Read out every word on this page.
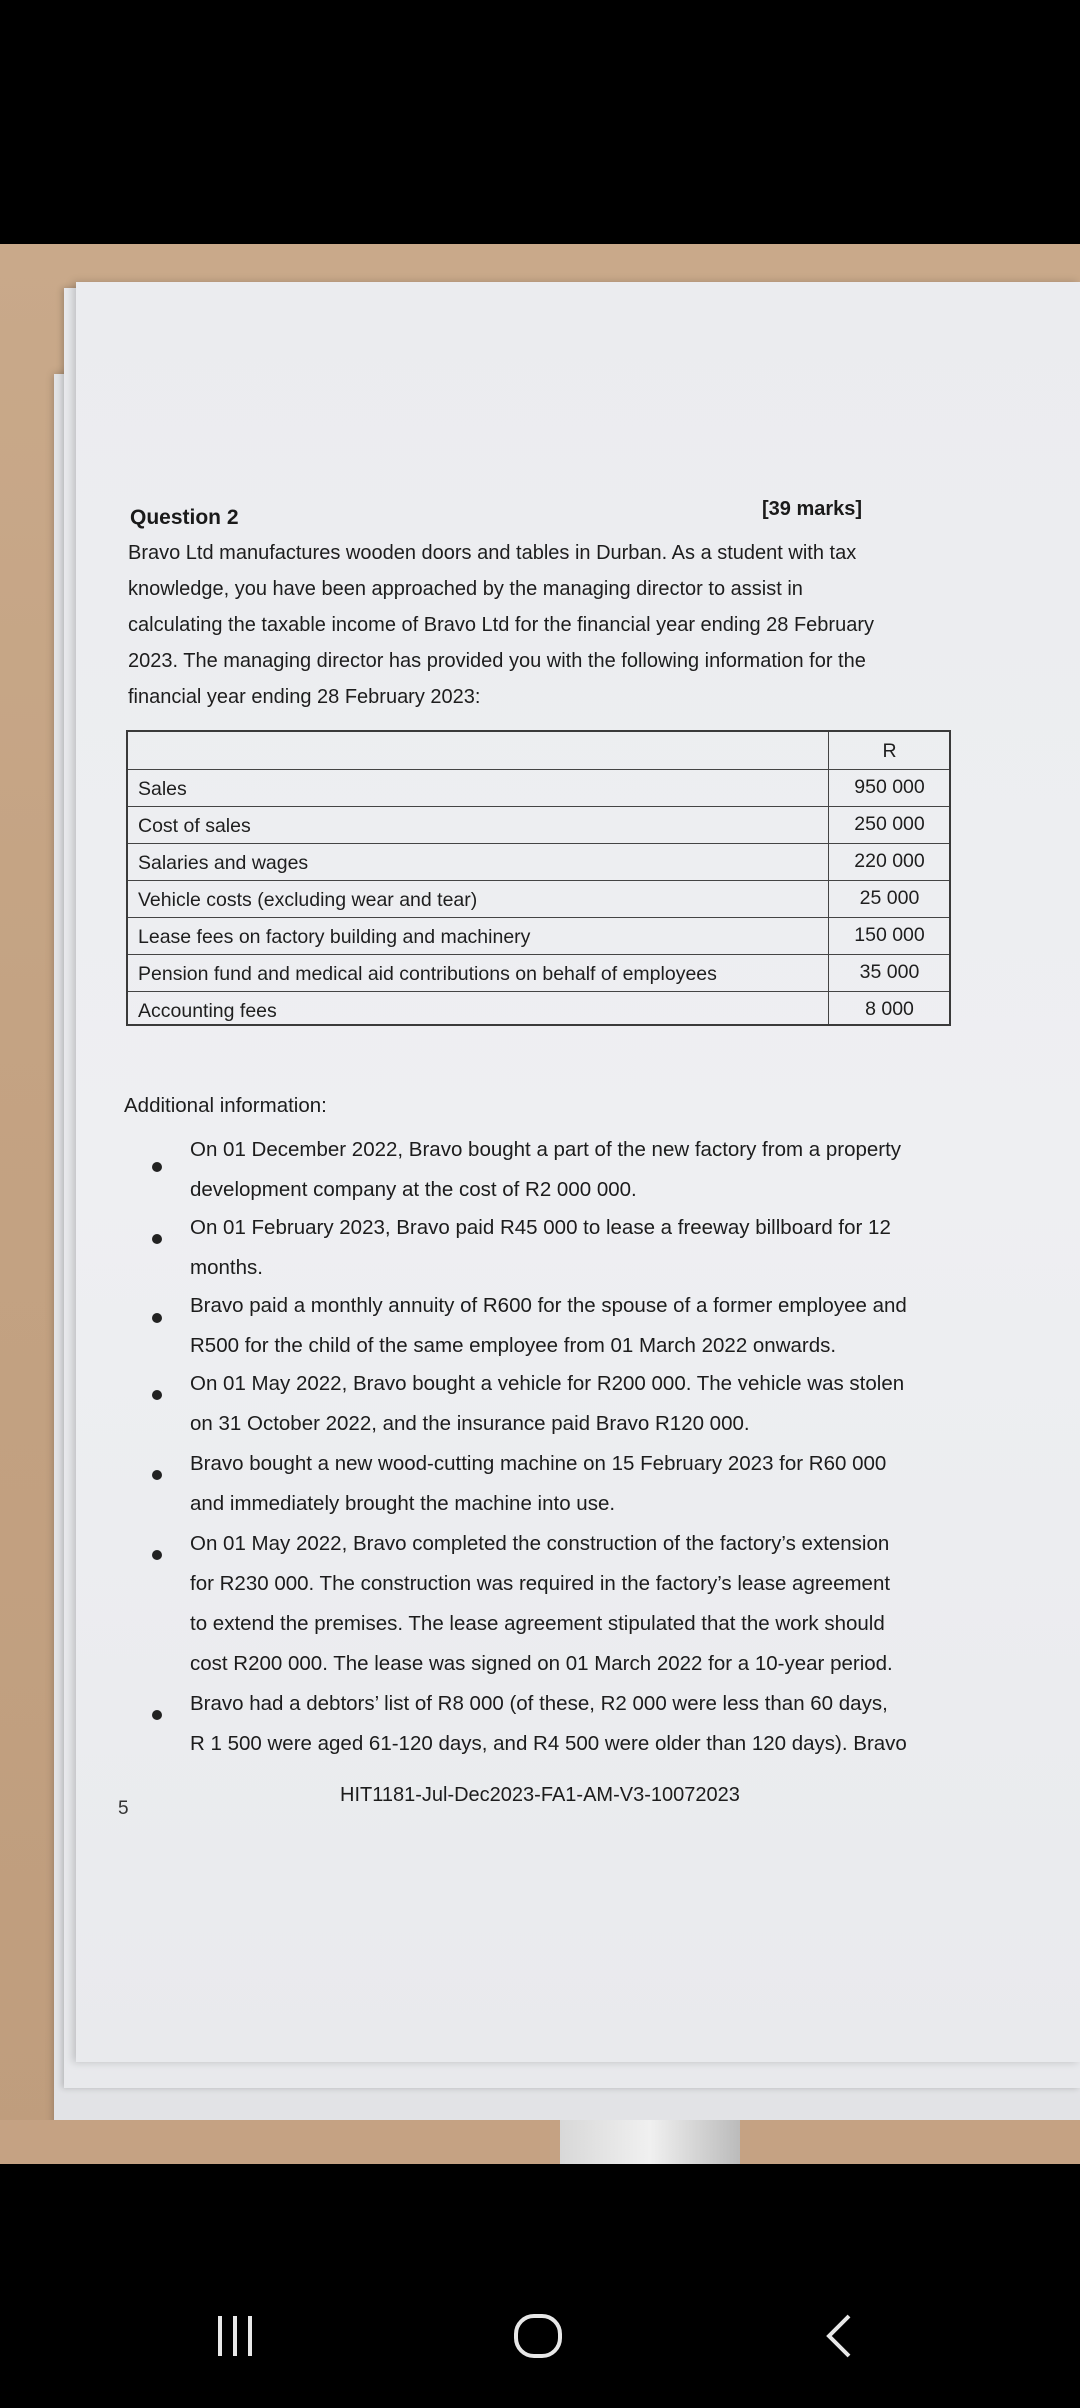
Question 2	[39 marks]
Bravo Ltd manufactures wooden doors and tables in Durban. As a student with tax
knowledge, you have been approached by the managing director to assist in
calculating the taxable income of Bravo Ltd for the financial year ending 28 February
2023. The managing director has provided you with the following information for the
financial year ending 28 February 2023:
R
Sales	950 000
Cost of sales	250 000
Salaries and wages	220 000
Vehicle costs (excluding wear and tear)	25 000
Lease fees on factory building and machinery	150 000
Pension fund and medical aid contributions on behalf of employees	35 000
Accounting fees	8 000
Additional information:
On 01 December 2022, Bravo bought a part of the new factory from a property
development company at the cost of R2 000 000.
On 01 February 2023, Bravo paid R45 000 to lease a freeway billboard for 12
months.
Bravo paid a monthly annuity of R600 for the spouse of a former employee and
R500 for the child of the same employee from 01 March 2022 onwards.
On 01 May 2022, Bravo bought a vehicle for R200 000. The vehicle was stolen
on 31 October 2022, and the insurance paid Bravo R120 000.
Bravo bought a new wood-cutting machine on 15 February 2023 for R60 000
and immediately brought the machine into use.
On 01 May 2022, Bravo completed the construction of the factory’s extension
for R230 000. The construction was required in the factory’s lease agreement
to extend the premises. The lease agreement stipulated that the work should
cost R200 000. The lease was signed on 01 March 2022 for a 10-year period.
Bravo had a debtors’ list of R8 000 (of these, R2 000 were less than 60 days,
R 1 500 were aged 61-120 days, and R4 500 were older than 120 days). Bravo
5
HIT1181-Jul-Dec2023-FA1-AM-V3-10072023
